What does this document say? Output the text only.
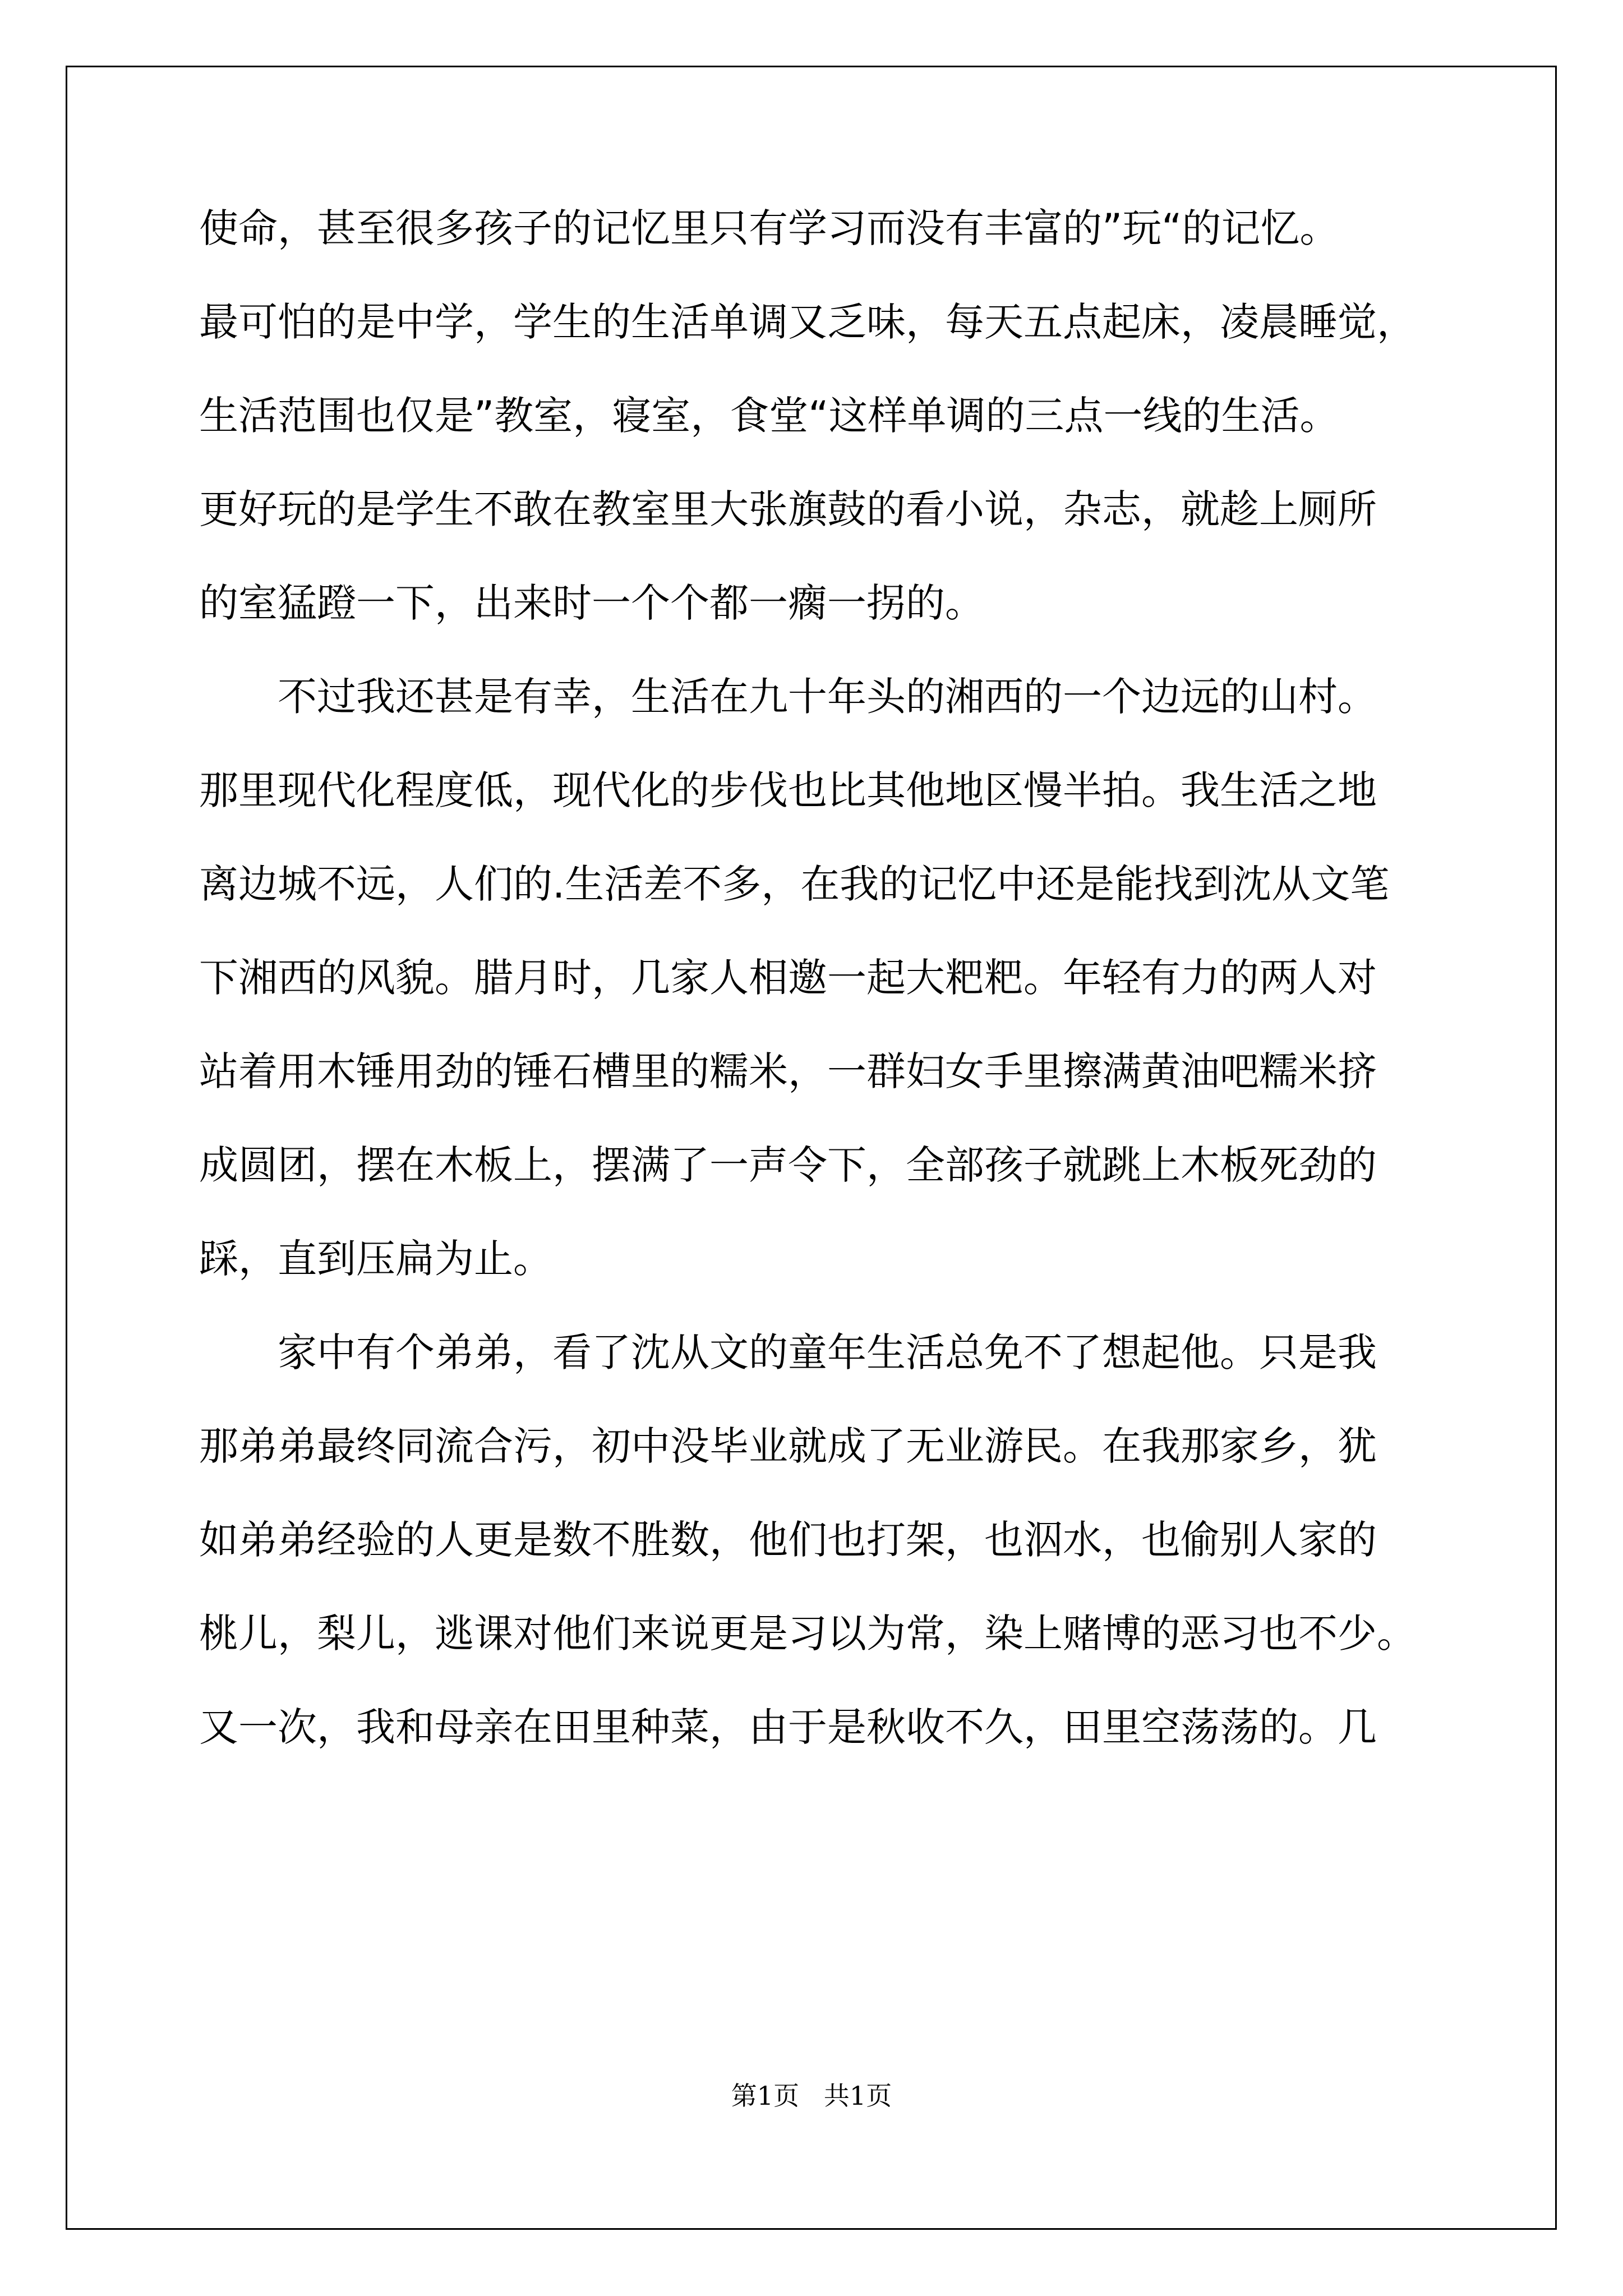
使命，甚至很多孩子的记忆里只有学习而没有丰富的”玩“的记忆。
最可怕的是中学，学生的生活单调又乏味，每天五点起床，凌晨睡觉，
生活范围也仅是”教室，寝室，食堂“这样单调的三点一线的生活。
更好玩的是学生不敢在教室里大张旗鼓的看小说，杂志，就趁上厕所
的室猛蹬一下，出来时一个个都一瘸一拐的。
不过我还甚是有幸，生活在九十年头的湘西的一个边远的山村。
那里现代化程度低，现代化的步伐也比其他地区慢半拍。我生活之地
离边城不远，人们的.生活差不多，在我的记忆中还是能找到沈从文笔
下湘西的风貌。腊月时，几家人相邀一起大粑粑。年轻有力的两人对
站着用木锤用劲的锤石槽里的糯米，一群妇女手里擦满黄油吧糯米挤
成圆团，摆在木板上，摆满了一声令下，全部孩子就跳上木板死劲的
踩，直到压扁为止。
家中有个弟弟，看了沈从文的童年生活总免不了想起他。只是我
那弟弟最终同流合污，初中没毕业就成了无业游民。在我那家乡，犹
如弟弟经验的人更是数不胜数，他们也打架，也泅水，也偷别人家的
桃儿，梨儿，逃课对他们来说更是习以为常，染上赌博的恶习也不少。
又一次，我和母亲在田里种菜，由于是秋收不久，田里空荡荡的。几
第1页   共1页
